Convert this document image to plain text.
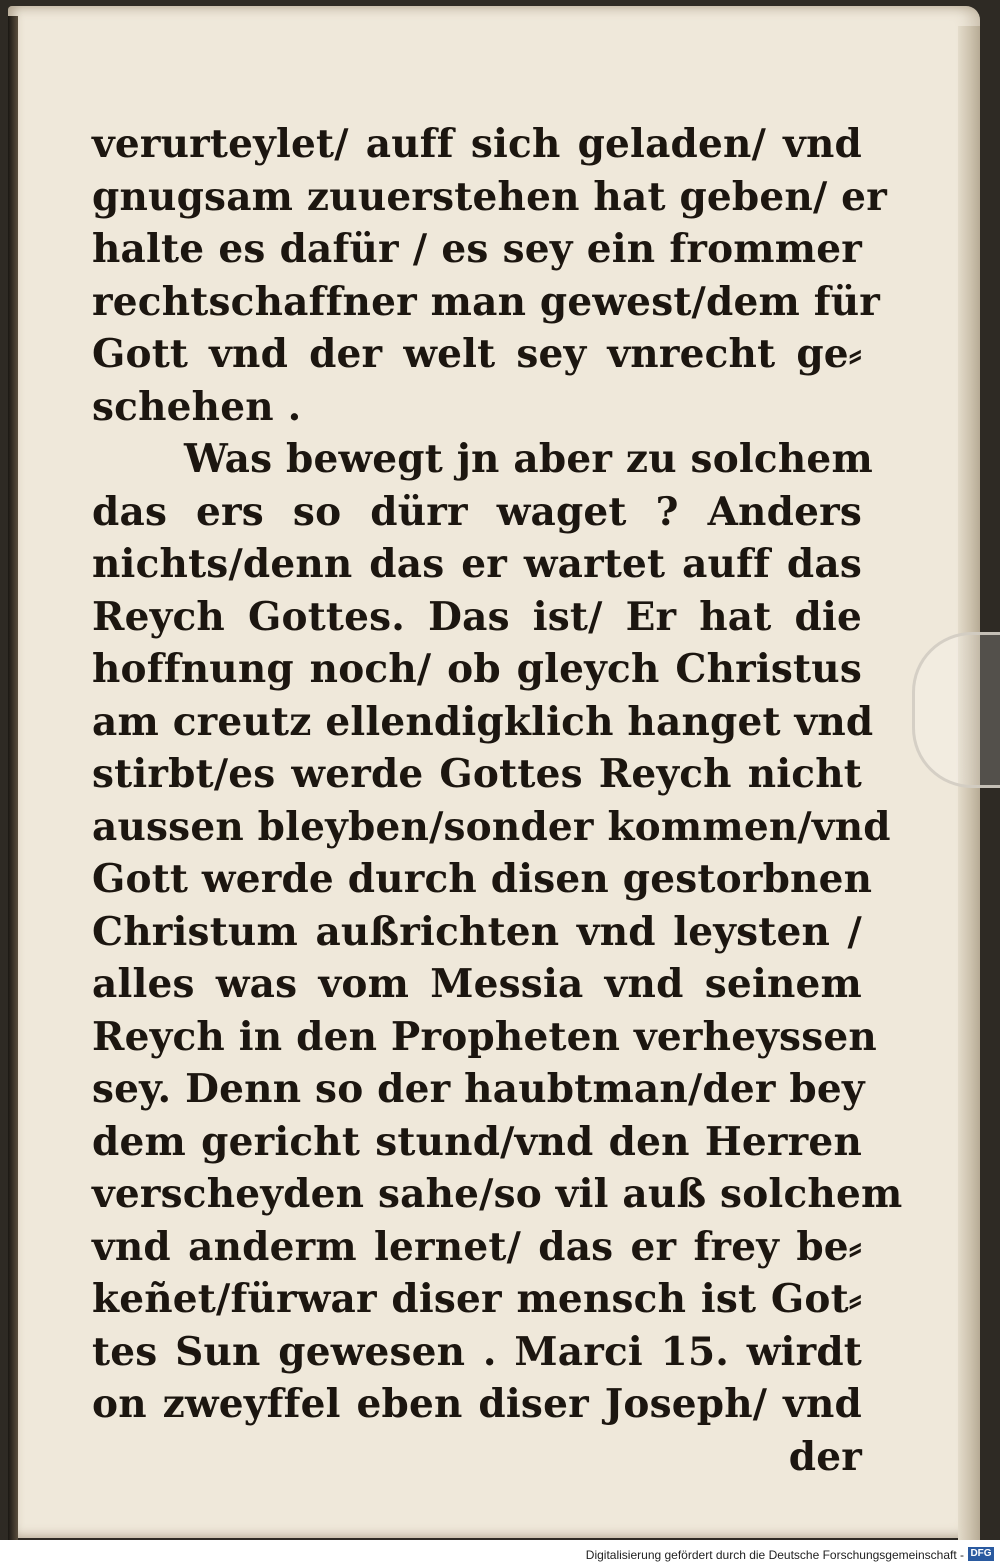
verurteylet/ auff sich geladen/ vnd
gnugsam zuuerstehen hat geben/ er
halte es dafür / es sey ein frommer
rechtschaffner man gewest/dem für
Gott vnd der welt sey vnrecht ge⸗
schehen .
Was bewegt jn aber zu solchem
das ers so dürr waget ? Anders
nichts/denn das er wartet auff das
Reych Gottes. Das ist/ Er hat die
hoffnung noch/ ob gleych Christus
am creutz ellendigklich hanget vnd
stirbt/es werde Gottes Reych nicht
aussen bleyben/sonder kommen/vnd
Gott werde durch disen gestorbnen
Christum außrichten vnd leysten /
alles was vom Messia vnd seinem
Reych in den Propheten verheyssen
sey. Denn so der haubtman/der bey
dem gericht stund/vnd den Herren
verscheyden sahe/so vil auß solchem
vnd anderm lernet/ das er frey be⸗
keñet/fürwar diser mensch ist Got⸗
tes Sun gewesen . Marci 15. wirdt
on zweyffel eben diser Joseph/ vnd
der
Digitalisierung gefördert durch die Deutsche Forschungsgemeinschaft - DFG
